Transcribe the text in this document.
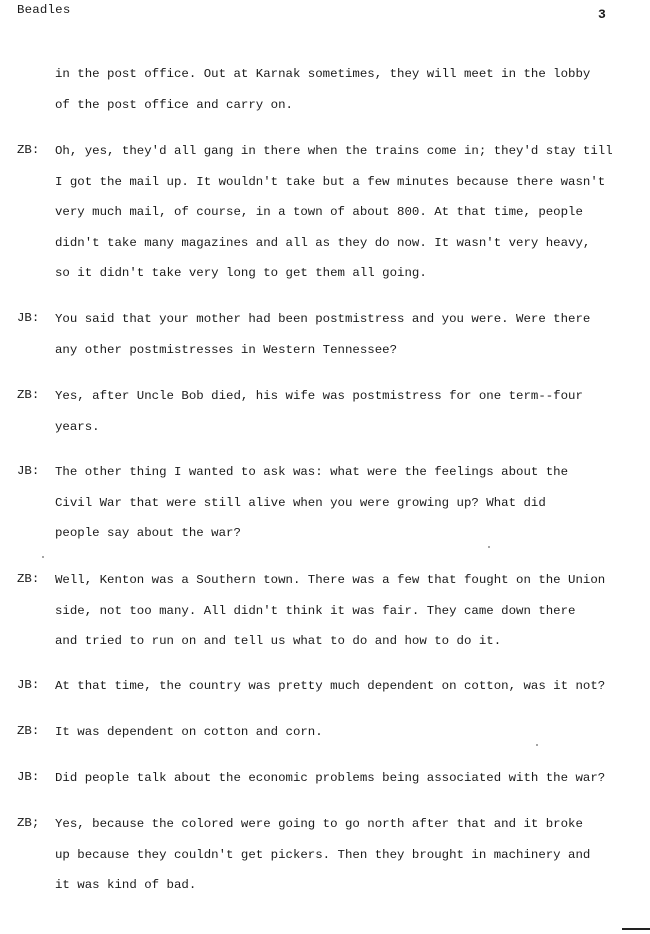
Beadles	3
in the post office. Out at Karnak sometimes, they will meet in the lobby
of the post office and carry on.
ZB: Oh, yes, they'd all gang in there when the trains come in; they'd stay till
I got the mail up. It wouldn't take but a few minutes because there wasn't
very much mail, of course, in a town of about 800. At that time, people
didn't take many magazines and all as they do now. It wasn't very heavy,
so it didn't take very long to get them all going.
JB: You said that your mother had been postmistress and you were. Were there
any other postmistresses in Western Tennessee?
ZB: Yes, after Uncle Bob died, his wife was postmistress for one term--four
years.
JB: The other thing I wanted to ask was: what were the feelings about the
Civil War that were still alive when you were growing up? What did
people say about the war?
ZB: Well, Kenton was a Southern town. There was a few that fought on the Union
side, not too many. All didn't think it was fair. They came down there
and tried to run on and tell us what to do and how to do it.
JB: At that time, the country was pretty much dependent on cotton, was it not?
ZB: It was dependent on cotton and corn.
JB: Did people talk about the economic problems being associated with the war?
ZB; Yes, because the colored were going to go north after that and it broke
up because they couldn't get pickers. Then they brought in machinery and
it was kind of bad.
